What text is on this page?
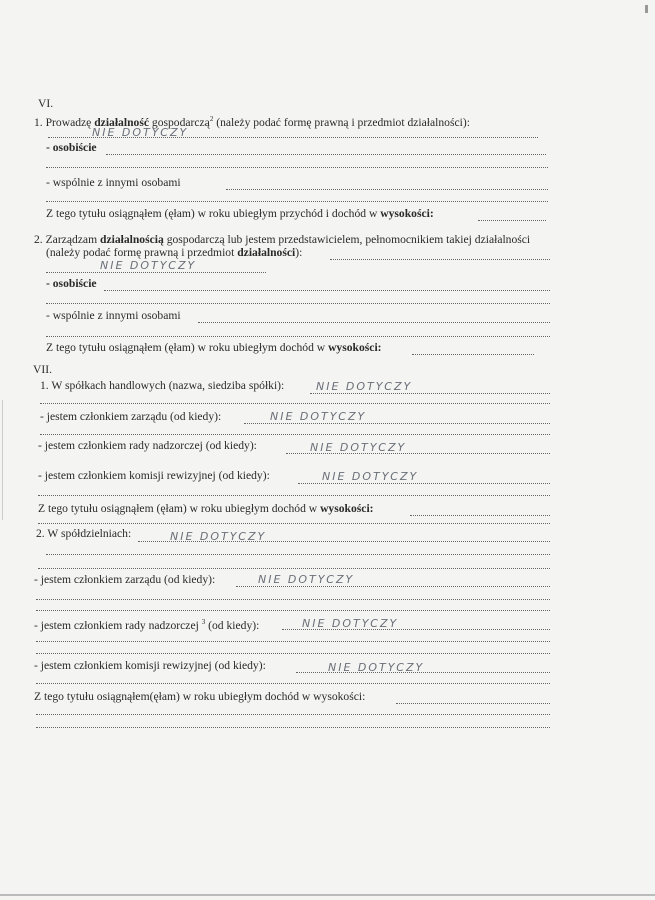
VI.
1. Prowadzę działalność gospodarczą$^2$ (należy podać formę prawną i przedmiot działalności):
NIE DOTYCZY
- osobiście
- wspólnie z innymi osobami
Z tego tytułu osiągnąłem (ęłam) w roku ubiegłym przychód i dochód w wysokości:
2. Zarządzam działalnością gospodarczą lub jestem przedstawicielem, pełnomocnikiem takiej działalności
(należy podać formę prawną i przedmiot działalności):
NIE DOTYCZY
- osobiście
- wspólnie z innymi osobami
Z tego tytułu osiągnąłem (ęłam) w roku ubiegłym dochód w wysokości:
VII.
1. W spółkach handlowych (nazwa, siedziba spółki):	NIE DOTYCZY
- jestem członkiem zarządu (od kiedy):	NIE DOTYCZY
- jestem członkiem rady nadzorczej (od kiedy):	NIE DOTYCZY
- jestem członkiem komisji rewizyjnej (od kiedy):	NIE DOTYCZY
Z tego tytułu osiągnąłem (ęłam) w roku ubiegłym dochód w wysokości:
2. W spółdzielniach:	NIE DOTYCZY
- jestem członkiem zarządu (od kiedy):	NIE DOTYCZY
- jestem członkiem rady nadzorczej $^3$ (od kiedy):	NIE DOTYCZY
- jestem członkiem komisji rewizyjnej (od kiedy):	NIE DOTYCZY
Z tego tytułu osiągnąłem(ęłam) w roku ubiegłym dochód w wysokości:
